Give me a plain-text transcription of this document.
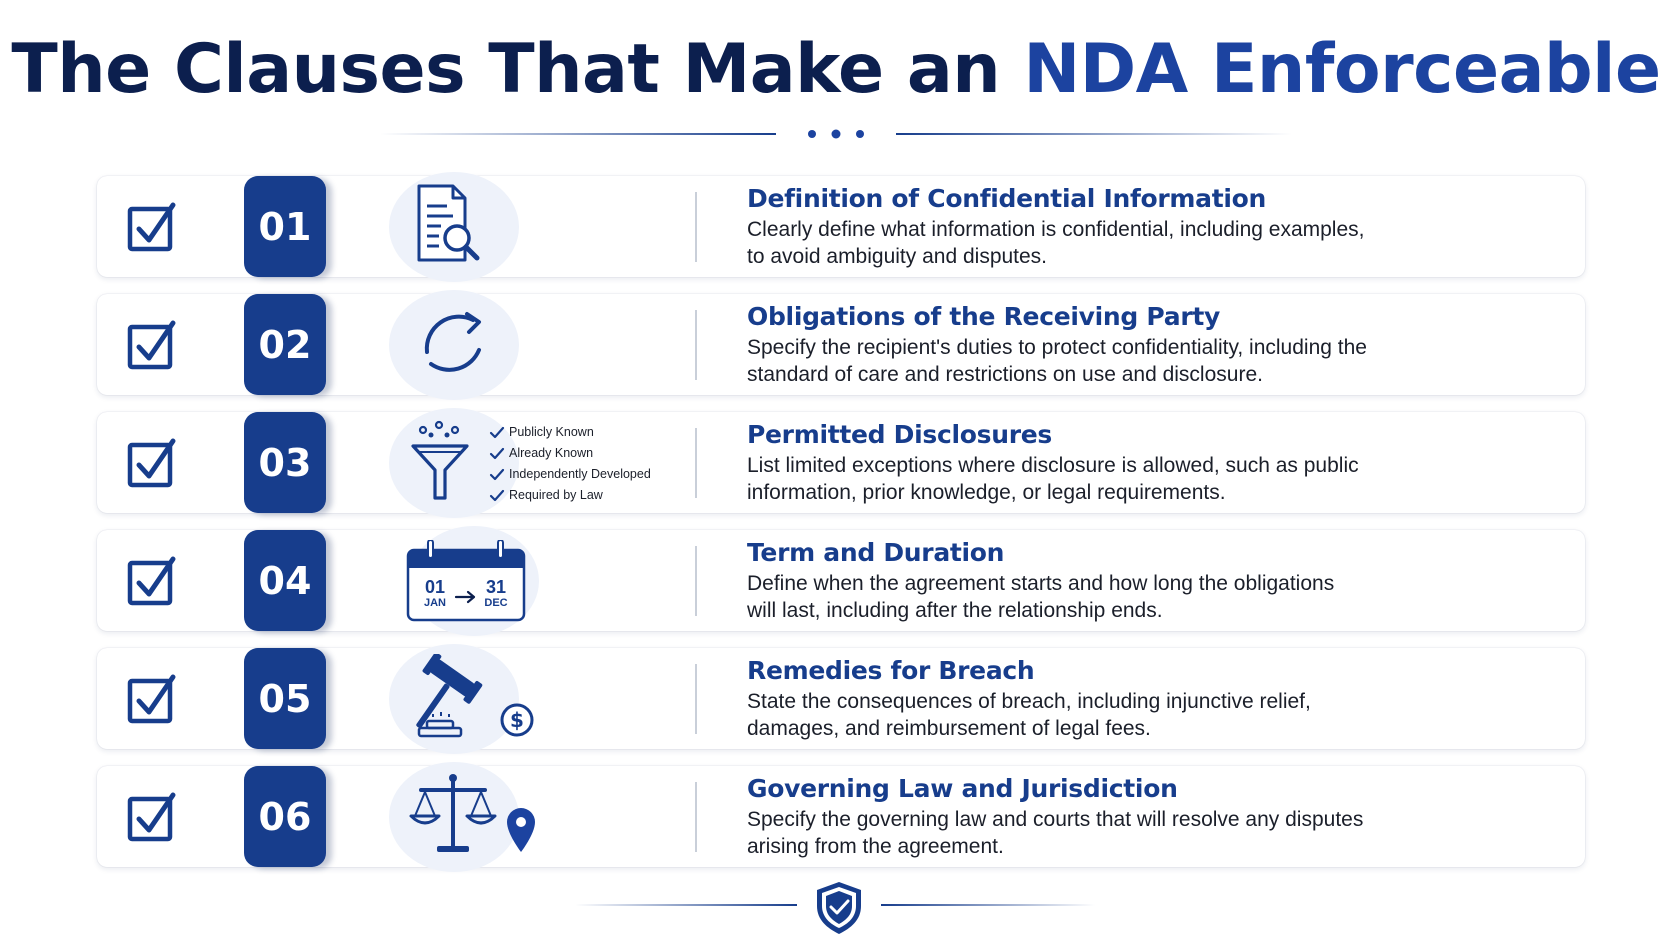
The Clauses That Make an NDA Enforceable
01
Definition of Confidential Information
Clearly define what information is confidential, including examples,
to avoid ambiguity and disputes.
02
Obligations of the Receiving Party
Specify the recipient's duties to protect confidentiality, including the
standard of care and restrictions on use and disclosure.
03
Publicly Known
Already Known
Independently Developed
Required by Law
Permitted Disclosures
List limited exceptions where disclosure is allowed, such as public
information, prior knowledge, or legal requirements.
04	01
JAN
31
DEC
Term and Duration
Define when the agreement starts and how long the obligations
will last, including after the relationship ends.
05	$
Remedies for Breach
State the consequences of breach, including injunctive relief,
damages, and reimbursement of legal fees.
06
Governing Law and Jurisdiction
Specify the governing law and courts that will resolve any disputes
arising from the agreement.
